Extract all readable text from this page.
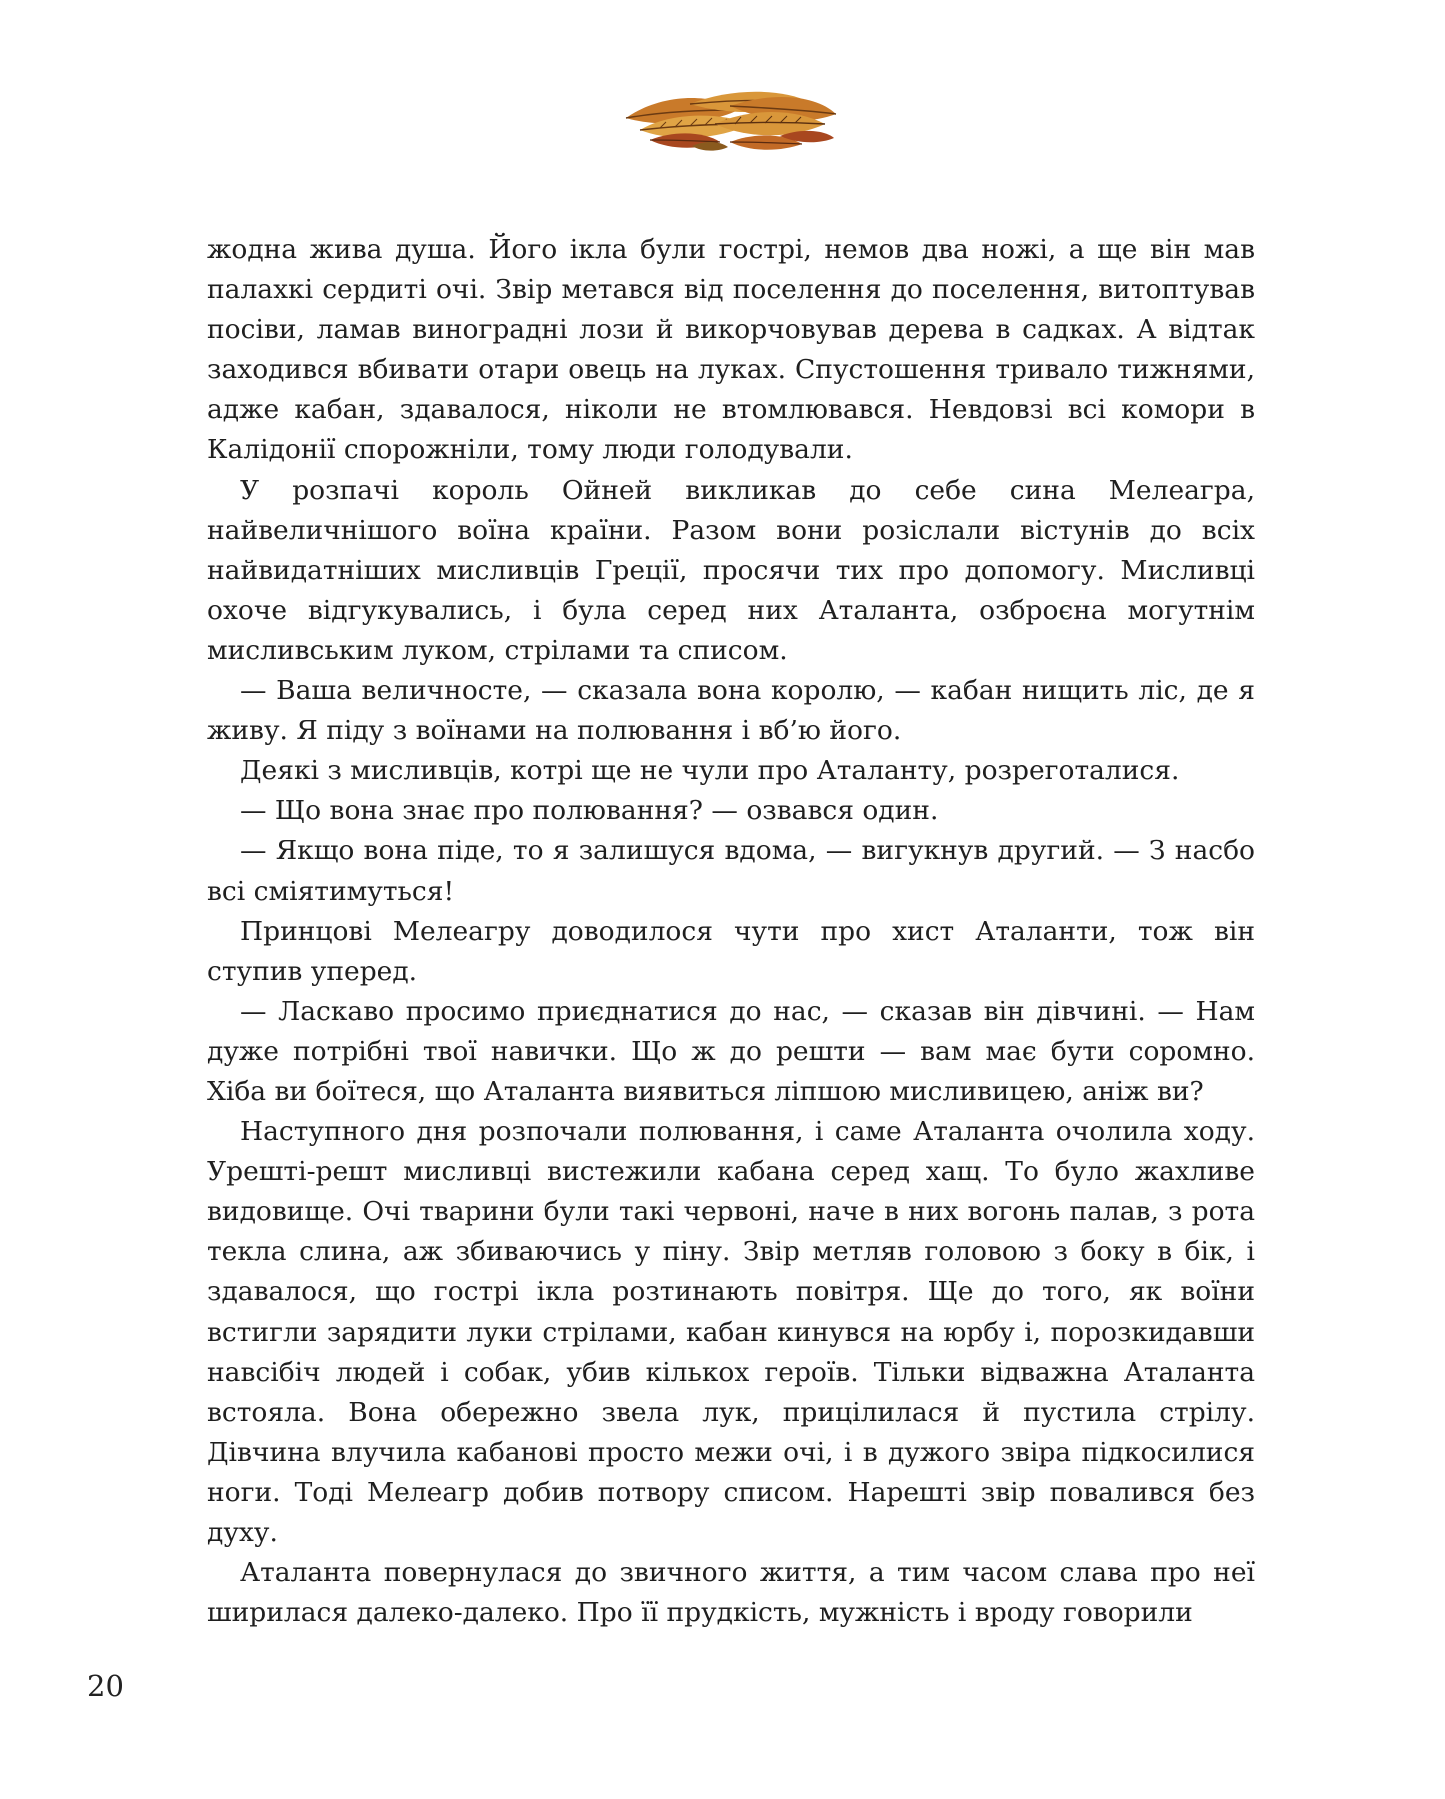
жодна жива душа. Його ікла були гострі, немов два ножі, а ще він мав палахкі сердиті очі. Звір метався від поселення до поселення, витоптував посіви, ламав виноградні лози й викорчовував дерева в садках. А відтак заходився вбивати отари овець на луках. Спустошення тривало тижнями, адже кабан, здавалося, ніколи не втомлювався. Невдовзі всі комори в Калідонії спорожніли, тому люди голодували.

У розпачі король Ойней викликав до себе сина Мелеагра, найвеличнішого воїна країни. Разом вони розіслали вістунів до всіх найвидатніших мисливців Греції, просячи тих про допомогу. Мисливці охоче відгукувались, і була серед них Аталанта, озброєна могутнім мисливським луком, стрілами та списом.

— Ваша величносте, — сказала вона королю, — кабан нищить ліс, де я живу. Я піду з воїнами на полювання і вб’ю його.

Деякі з мисливців, котрі ще не чули про Аталанту, розреготалися.

— Що вона знає про полювання? — озвався один.

— Якщо вона піде, то я залишуся вдома, — вигукнув другий. — З насбо всі сміятимуться!

Принцові Мелеагру доводилося чути про хист Аталанти, тож він ступив уперед.

— Ласкаво просимо приєднатися до нас, — сказав він дівчині. — Нам дуже потрібні твої навички. Що ж до решти — вам має бути соромно. Хіба ви боїтеся, що Аталанта виявиться ліпшою мисливицею, аніж ви?

Наступного дня розпочали полювання, і саме Аталанта очолила ходу. Урешті-решт мисливці вистежили кабана серед хащ. То було жахливе видовище. Очі тварини були такі червоні, наче в них вогонь палав, з рота текла слина, аж збиваючись у піну. Звір метляв головою з боку в бік, і здавалося, що гострі ікла розтинають повітря. Ще до того, як воїни встигли зарядити луки стрілами, кабан кинувся на юрбу і, порозкидавши навсібіч людей і собак, убив кількох героїв. Тільки відважна Аталанта встояла. Вона обережно звела лук, прицілилася й пустила стрілу. Дівчина влучила кабанові просто межи очі, і в дужого звіра підкосилися ноги. Тоді Мелеагр добив потвору списом. Нарешті звір повалився без духу.

Аталанта повернулася до звичного життя, а тим часом слава про неї ширилася далеко-далеко. Про її прудкість, мужність і вроду говорили

20
